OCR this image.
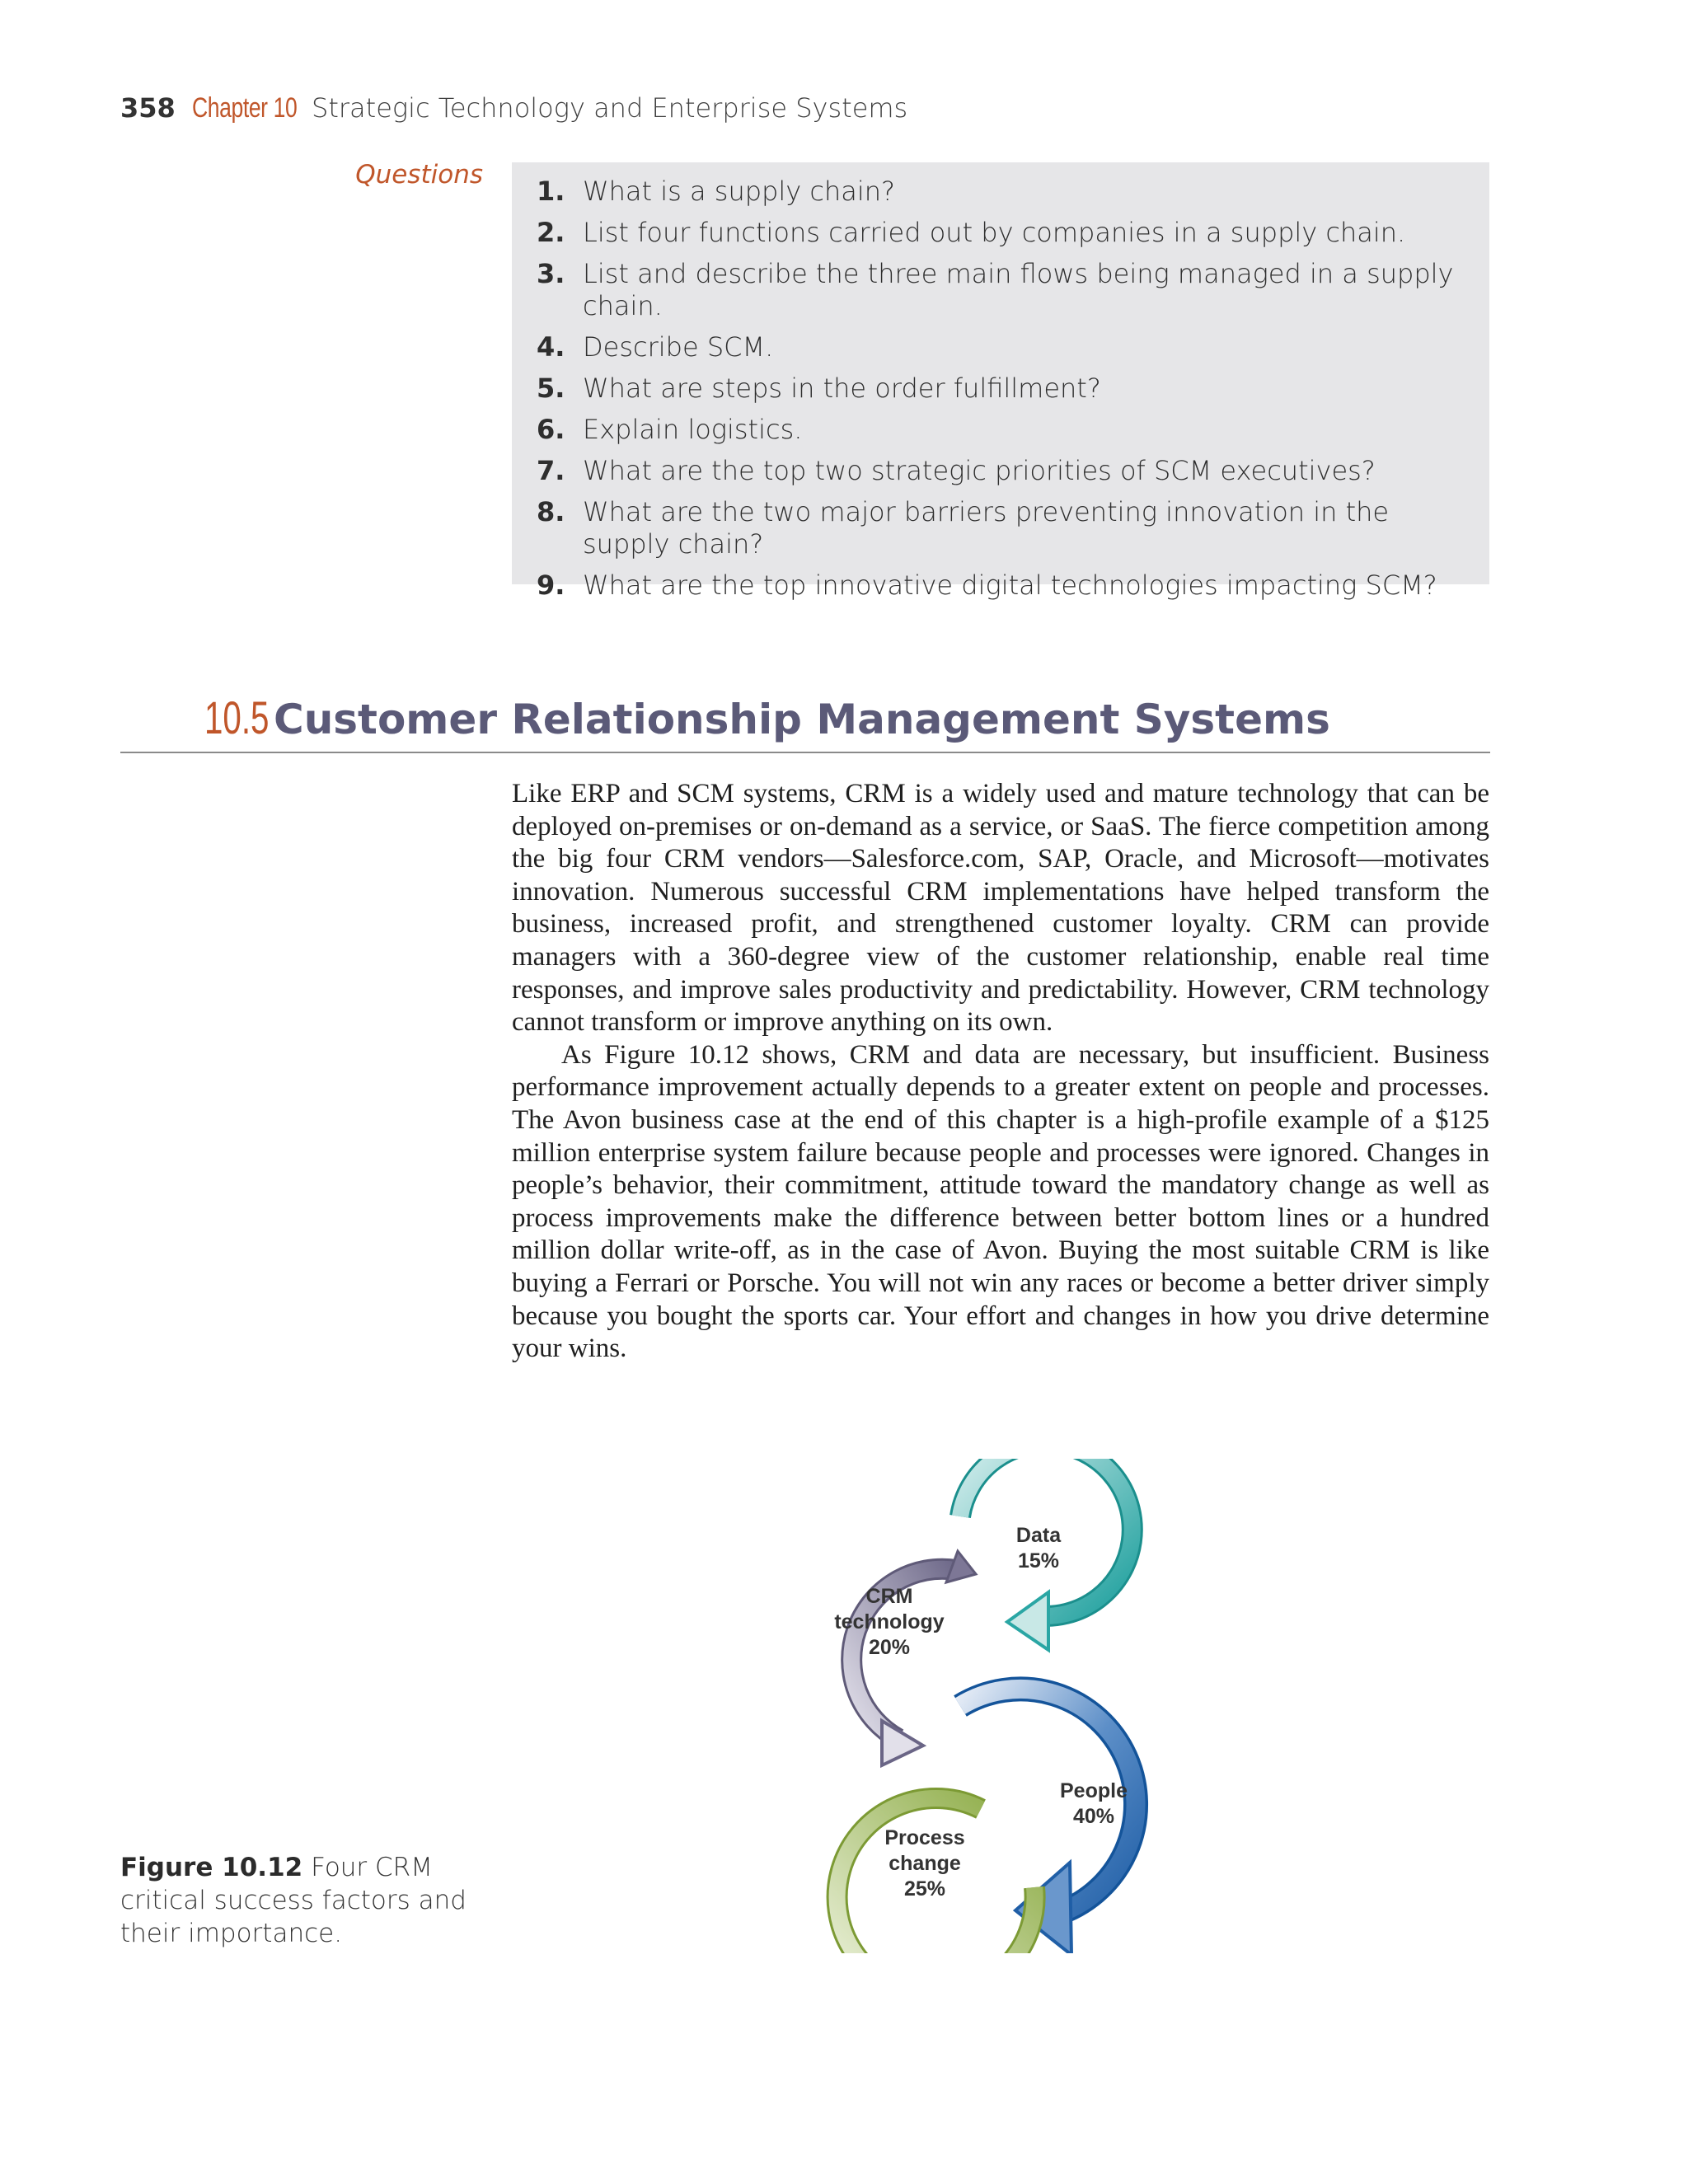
358 Chapter 10 Strategic Technology and Enterprise Systems
Questions
1. What is a supply chain?
2. List four functions carried out by companies in a supply chain.
3. List and describe the three main flows being managed in a supply chain.
4. Describe SCM.
5. What are steps in the order fulfillment?
6. Explain logistics.
7. What are the top two strategic priorities of SCM executives?
8. What are the two major barriers preventing innovation in the supply chain?
9. What are the top innovative digital technologies impacting SCM?
10.5 Customer Relationship Management Systems

Like ERP and SCM systems, CRM is a widely used and mature technology that can be deployed on-premises or on-demand as a service, or SaaS. The fierce competition among the big four CRM vendors—Salesforce.com, SAP, Oracle, and Microsoft—motivates innovation. Numerous successful CRM implementations have helped transform the business, increased profit, and strengthened customer loyalty. CRM can provide managers with a 360-degree view of the customer relationship, enable real time responses, and improve sales productivity and predictability. However, CRM technology cannot transform or improve anything on its own.

As Figure 10.12 shows, CRM and data are necessary, but insufficient. Business performance improvement actually depends to a greater extent on people and processes. The Avon business case at the end of this chapter is a high-profile example of a $125 million enterprise system failure because people and processes were ignored. Changes in people’s behavior, their commitment, attitude toward the mandatory change as well as process improvements make the difference between better bottom lines or a hundred million dollar write-off, as in the case of Avon. Buying the most suitable CRM is like buying a Ferrari or Porsche. You will not win any races or become a better driver simply because you bought the sports car. Your effort and changes in how you drive determine your wins.

Data
15%
CRM
technology
20%
People
40%
Process
change
25%
Figure 10.12 Four CRM critical success factors and their importance.
